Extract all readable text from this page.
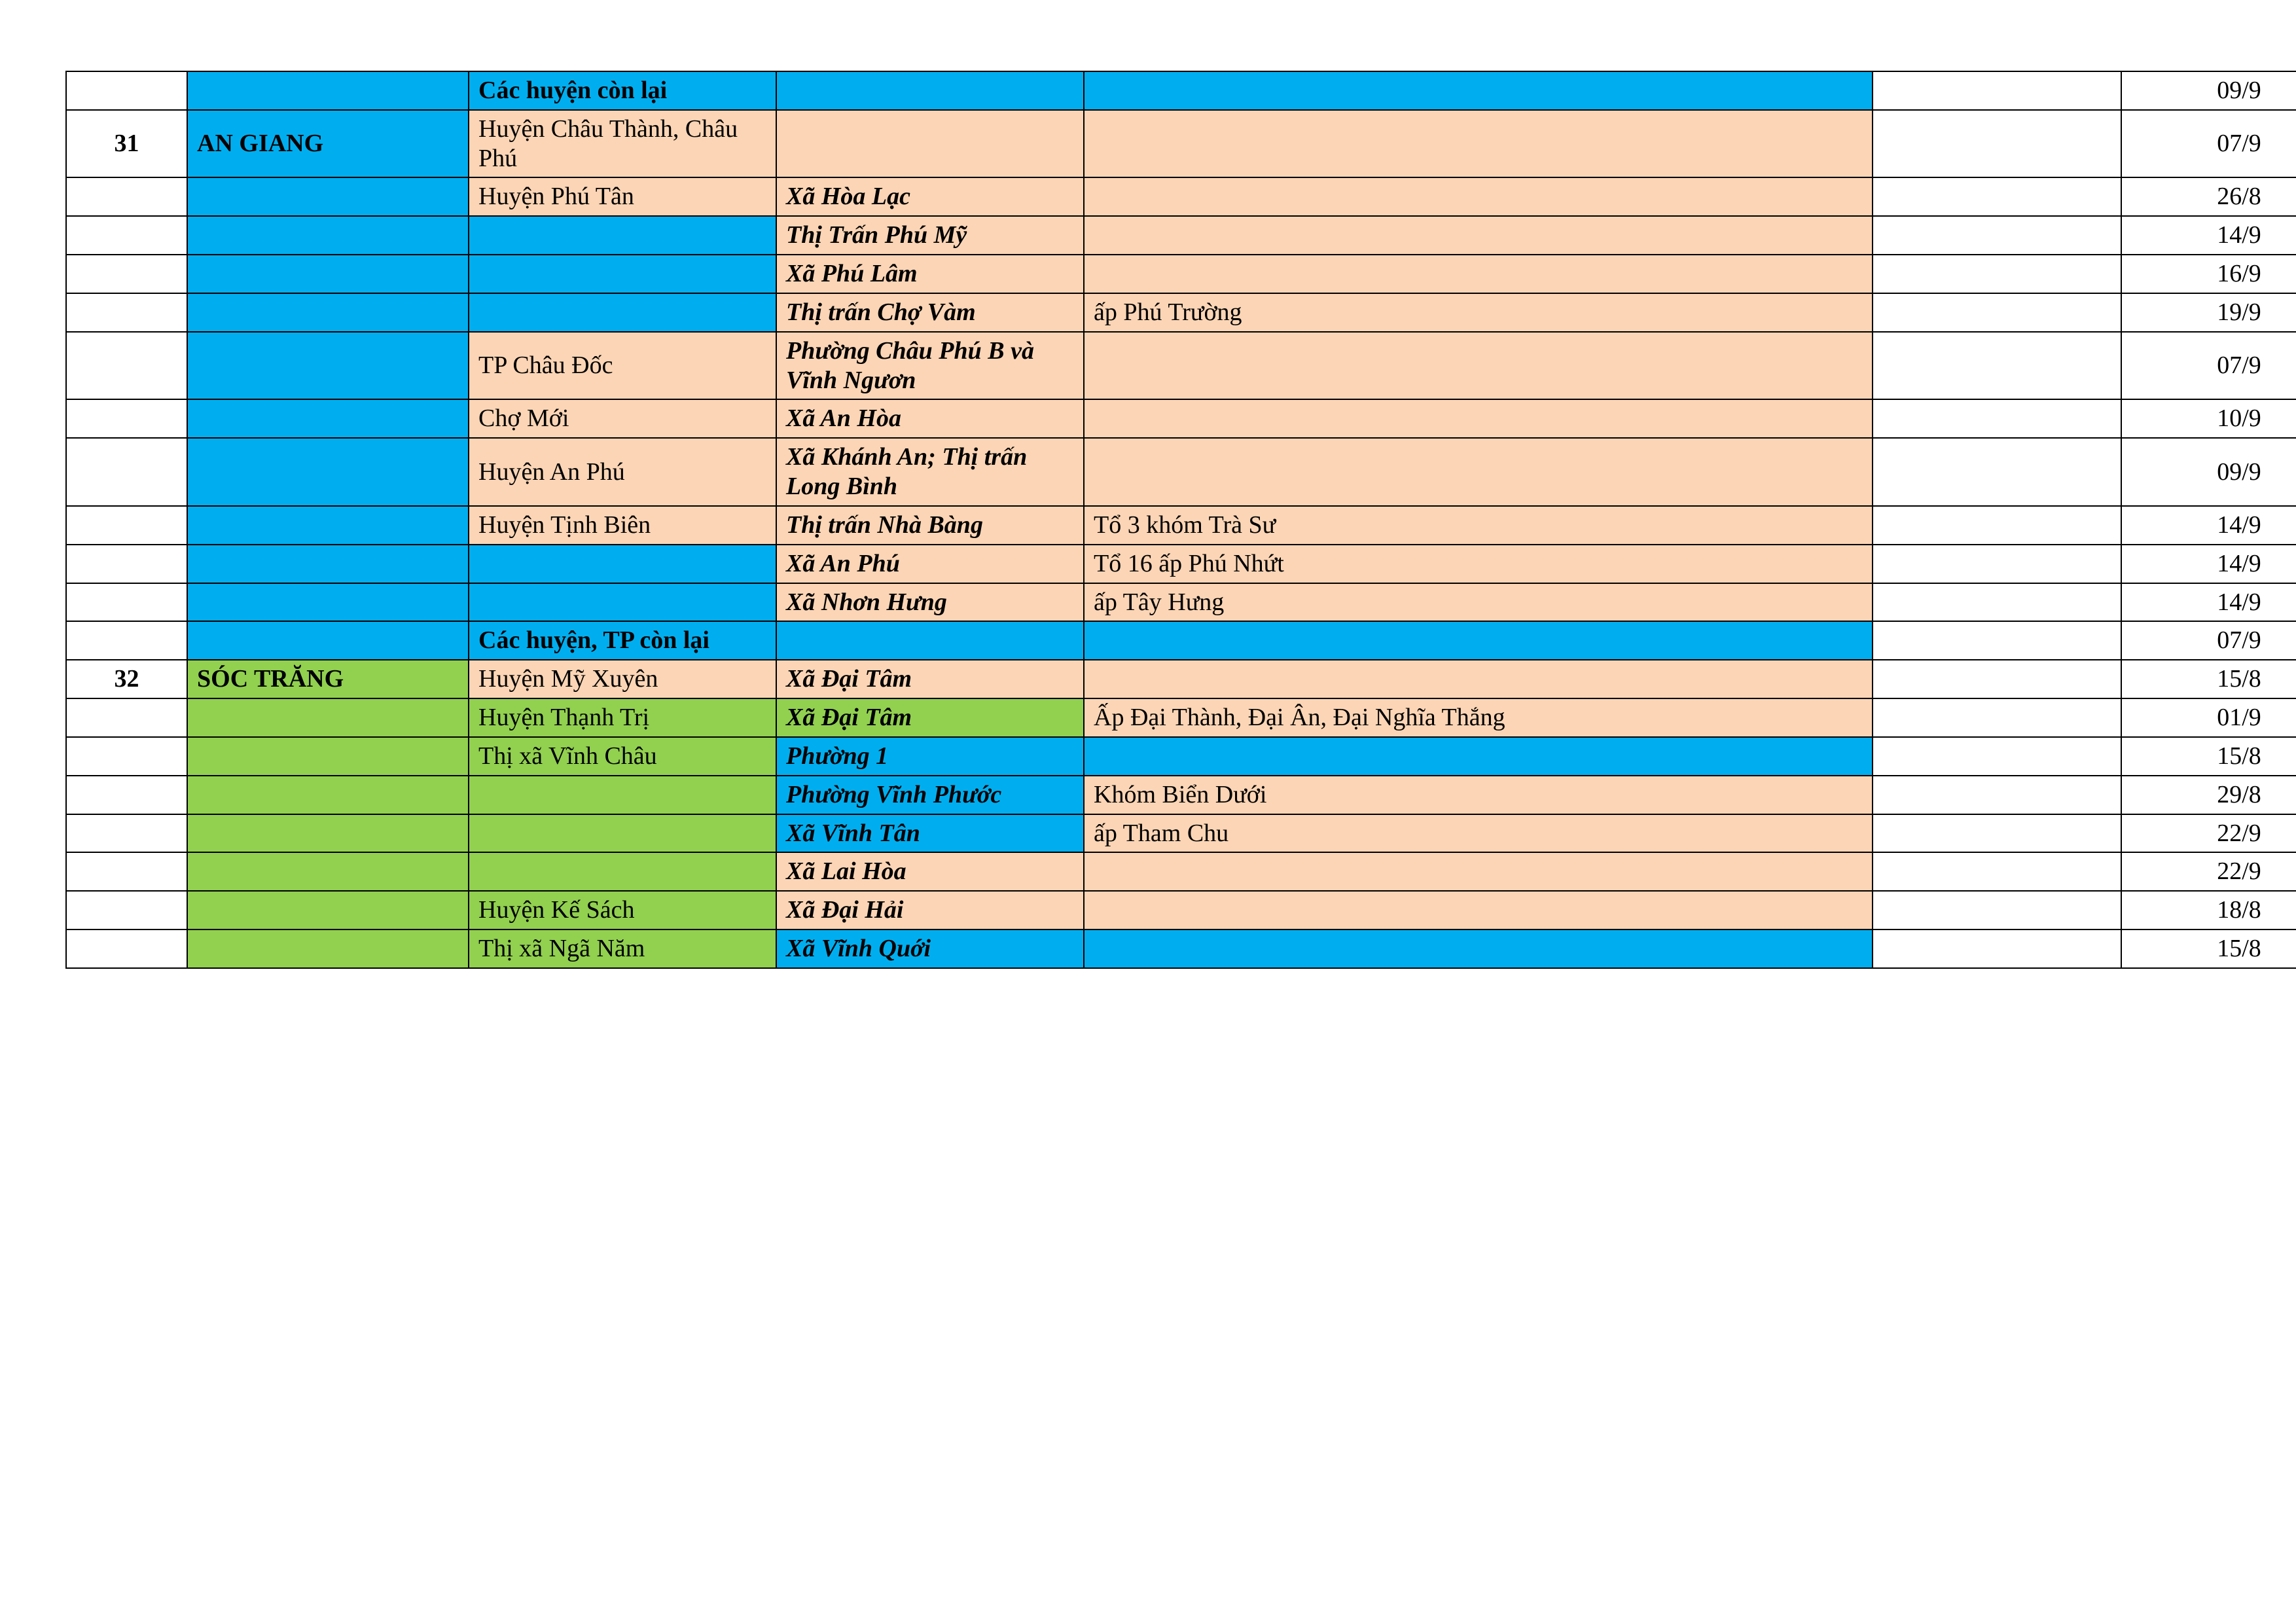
		Các huyện còn lại				09/9
31	AN GIANG	Huyện Châu Thành, Châu Phú				07/9
		Huyện Phú Tân	Xã Hòa Lạc			26/8
			Thị Trấn Phú Mỹ			14/9
			Xã Phú Lâm			16/9
			Thị trấn Chợ Vàm	ấp Phú Trường		19/9
		TP Châu Đốc	Phường Châu Phú B và Vĩnh Ngươn			07/9
		Chợ Mới	Xã An Hòa			10/9
		Huyện An Phú	Xã Khánh An; Thị trấn Long Bình			09/9
		Huyện Tịnh Biên	Thị trấn Nhà Bàng	Tổ 3 khóm Trà Sư		14/9
			Xã An Phú	Tổ 16 ấp Phú Nhứt		14/9
			Xã Nhơn Hưng	ấp Tây Hưng		14/9
		Các huyện, TP còn lại				07/9
32	SÓC TRĂNG	Huyện Mỹ Xuyên	Xã Đại Tâm			15/8
		Huyện Thạnh Trị	Xã Đại Tâm	Ấp Đại Thành, Đại Ân, Đại Nghĩa Thắng		01/9
		Thị xã Vĩnh Châu	Phường 1			15/8
			Phường Vĩnh Phước	Khóm Biển Dưới		29/8
			Xã Vĩnh Tân	ấp Tham Chu		22/9
			Xã Lai Hòa			22/9
		Huyện Kế Sách	Xã Đại Hải			18/8
		Thị xã Ngã Năm	Xã Vĩnh Quới			15/8
